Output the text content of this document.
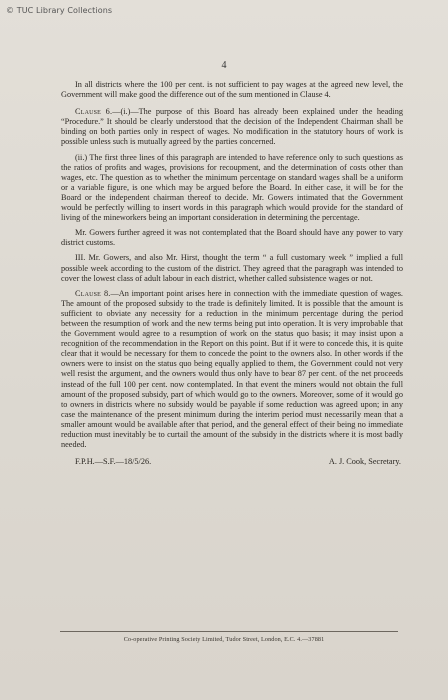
© TUC Library Collections
4

In all districts where the 100 per cent. is not sufficient to pay wages at the agreed new level, the Government will make good the difference out of the sum mentioned in Clause 4.

Clause 6.—(i.)—The purpose of this Board has already been explained under the heading “Procedure.” It should be clearly understood that the decision of the Independent Chairman shall be binding on both parties only in respect of wages. No modification in the statutory hours of work is possible unless such is mutually agreed by the parties concerned.

(ii.) The first three lines of this paragraph are intended to have reference only to such questions as the ratios of profits and wages, provisions for recoupment, and the determination of costs other than wages, etc. The question as to whether the minimum percentage on standard wages shall be a uniform or a variable figure, is one which may be argued before the Board. In either case, it will be for the Board or the independent chairman thereof to decide. Mr. Gowers intimated that the Government would be perfectly willing to insert words in this paragraph which would provide for the standard of living of the mineworkers being an important consideration in determining the percentage.

Mr. Gowers further agreed it was not contemplated that the Board should have any power to vary district customs.

III. Mr. Gowers, and also Mr. Hirst, thought the term “ a full customary week ” implied a full possible week according to the custom of the district. They agreed that the paragraph was intended to cover the lowest class of adult labour in each district, whether called subsistence wages or not.

Clause 8.—An important point arises here in connection with the immediate question of wages. The amount of the proposed subsidy to the trade is definitely limited. It is possible that the amount is sufficient to obviate any necessity for a reduction in the minimum percentage during the period between the resumption of work and the new terms being put into operation. It is very improbable that the Government would agree to a resumption of work on the status quo basis; it may insist upon a recognition of the recommendation in the Report on this point. But if it were to concede this, it is quite clear that it would be necessary for them to concede the point to the owners also. In other words if the owners were to insist on the status quo being equally applied to them, the Government could not very well resist the argument, and the owners would thus only have to bear 87 per cent. of the net proceeds instead of the full 100 per cent. now contemplated. In that event the miners would not obtain the full amount of the proposed subsidy, part of which would go to the owners. Moreover, some of it would go to owners in districts where no subsidy would be payable if some reduction was agreed upon; in any case the maintenance of the present minimum during the interim period must necessarily mean that a smaller amount would be available after that period, and the general effect of their being no immediate reduction must inevitably be to curtail the amount of the subsidy in the districts where it is most badly needed.

F.P.H.—S.F.—18/5/26.	A. J. Cook, Secretary.
Co-operative Printing Society Limited, Tudor Street, London, E.C. 4.—37881
